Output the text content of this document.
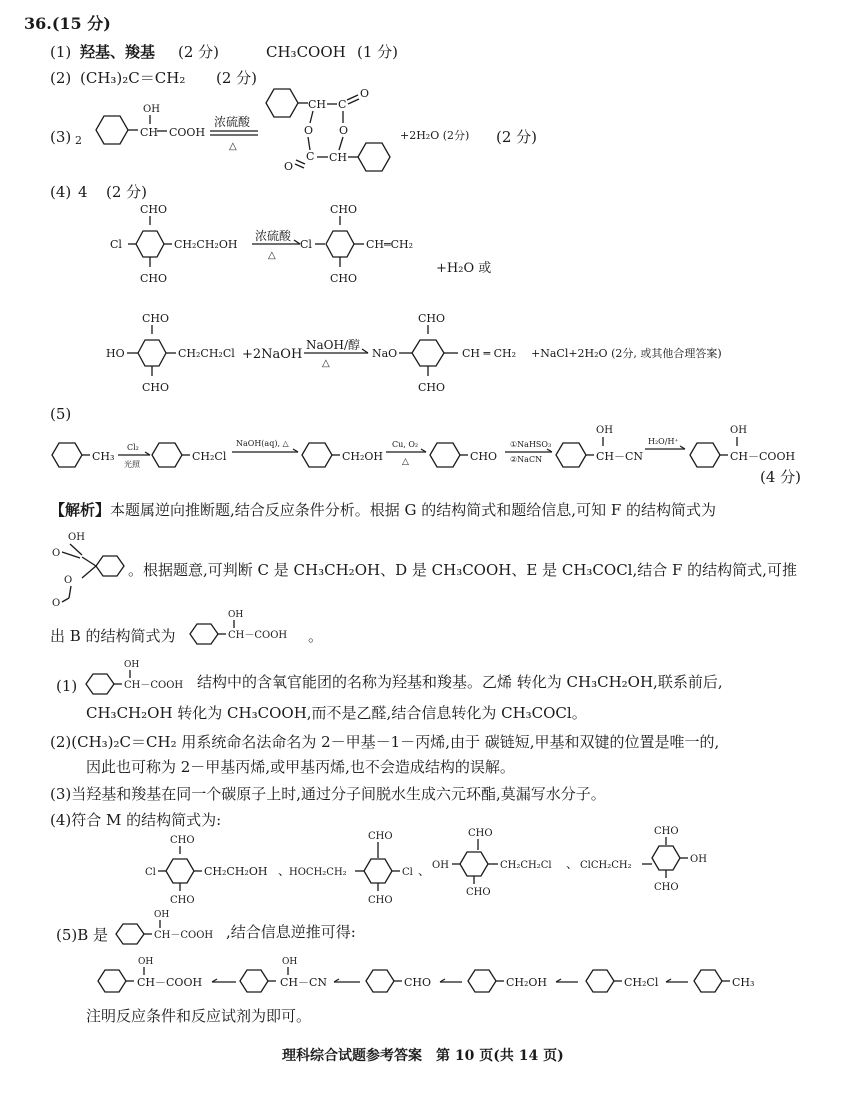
36.(15 分)
(1) 羟基、羧基 (2 分)	CH₃COOH (1 分)
(2) (CH₃)₂C＝CH₂ (2 分)
(3) 2
OH
CH COOH
浓硫酸
△
CH C
O
O O
C
O
CH
+2H₂O (2分) (2 分)
(4) 4 (2 分)
CHO
CHO
Cl	CH₂CH₂OH
浓硫酸
△
Cl
CHO
CHO
CH═CH₂
+H₂O 或
CHO
CHO
HO	CH₂CH₂Cl +2NaOH
NaOH/醇
△
NaO
CHO
CHO
CH ═ CH₂ +NaCl+2H₂O (2分, 或其他合理答案)
(5)
CH₃
Cl₂
光照
CH₂Cl
NaOH(aq), △
CH₂OH
Cu, O₂
△	CHO
①NaHSO₃
②NaCN
OH
CH－CN
H₂O/H⁺
OH
CH－COOH
(4 分)
【解析】本题属逆向推断题,结合反应条件分析。根据 G 的结构简式和题给信息,可知 F 的结构简式为
OH
O
O
O
。根据题意,可判断 C 是 CH₃CH₂OH、D 是 CH₃COOH、E 是 CH₃COCl,结合 F 的结构简式,可推
出 B 的结构简式为
OH
CH－COOH 。
(1)
OH
CH－COOH 结构中的含氧官能团的名称为羟基和羧基。乙烯 转化为 CH₃CH₂OH,联系前后,
CH₃CH₂OH 转化为 CH₃COOH,而不是乙醛,结合信息转化为 CH₃COCl。
(2)(CH₃)₂C＝CH₂ 用系统命名法命名为 2－甲基－1－丙烯,由于 碳链短,甲基和双键的位置是唯一的,
因此也可称为 2－甲基丙烯,或甲基丙烯,也不会造成结构的误解。
(3)当羟基和羧基在同一个碳原子上时,通过分子间脱水生成六元环酯,莫漏写水分子。
(4)符合 M 的结构简式为:
CHO
CHO
Cl	CH₂CH₂OH 、
HOCH₂CH₂
CHO
CHO
Cl 、 OH
CHO
CHO
CH₂CH₂Cl 、 ClCH₂CH₂
CHO
CHO
OH
(5)B 是
OH
CH－COOH ,结合信息逆推可得:
OH
CH－COOH
OH
CH－CN	CHO	CH₂OH	CH₂Cl	CH₃
注明反应条件和反应试剂为即可。
理科综合试题参考答案　第 10 页(共 14 页)
